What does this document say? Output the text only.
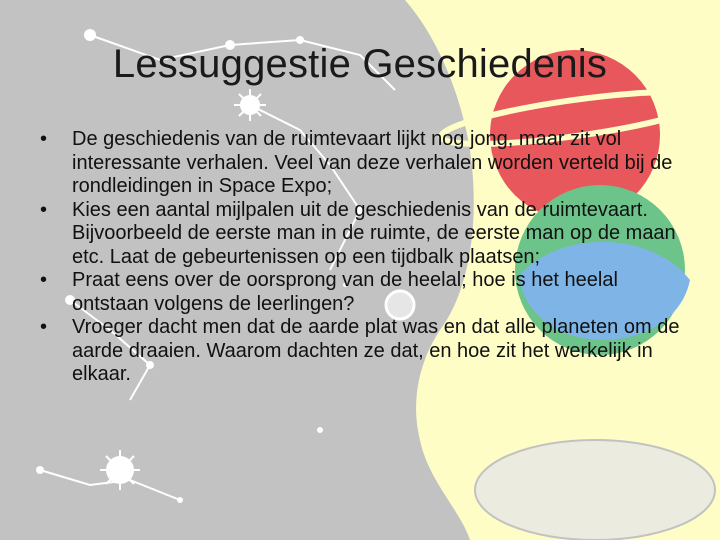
Lessuggestie Geschiedenis
• De geschiedenis van de ruimtevaart lijkt nog jong, maar zit vol interessante verhalen. Veel van deze verhalen worden verteld bij de rondleidingen in Space Expo;
• Kies een aantal mijlpalen uit de geschiedenis van de ruimtevaart. Bijvoorbeeld de eerste man in de ruimte, de eerste man op de maan etc. Laat de gebeurtenissen op een tijdbalk plaatsen;
• Praat eens over de oorsprong van de heelal; hoe is het heelal ontstaan volgens de leerlingen?
• Vroeger dacht men dat de aarde plat was en dat alle planeten om de aarde draaien. Waarom dachten ze dat, en hoe zit het werkelijk in elkaar.
